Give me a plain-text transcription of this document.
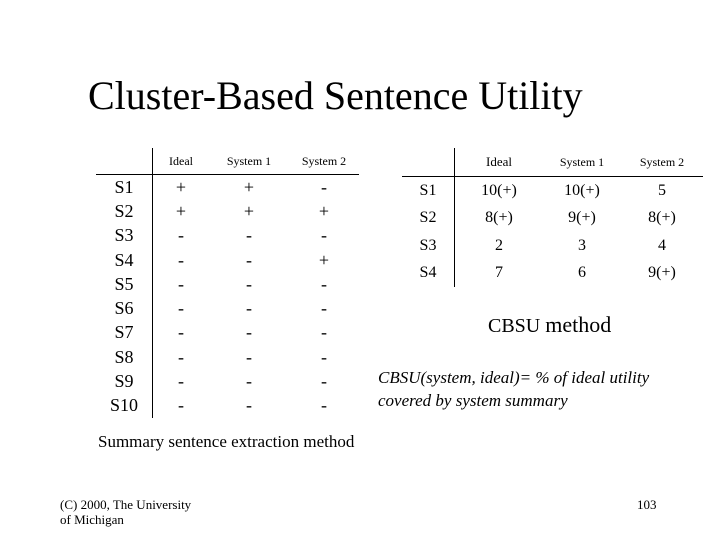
Cluster-Based Sentence Utility
	Ideal	System 1	System 2
S1	+	+	-
S2	+	+	+
S3	-	-	-
S4	-	-	+
S5	-	-	-
S6	-	-	-
S7	-	-	-
S8	-	-	-
S9	-	-	-
S10	-	-	-
	Ideal	System 1	System 2
S1	10(+)	10(+)	5
S2	8(+)	9(+)	8(+)
S3	2	3	4
S4	7	6	9(+)
CBSU method
CBSU(system, ideal)= % of ideal utility
covered by system summary
Summary sentence extraction method
(C) 2000, The University
of Michigan
103
